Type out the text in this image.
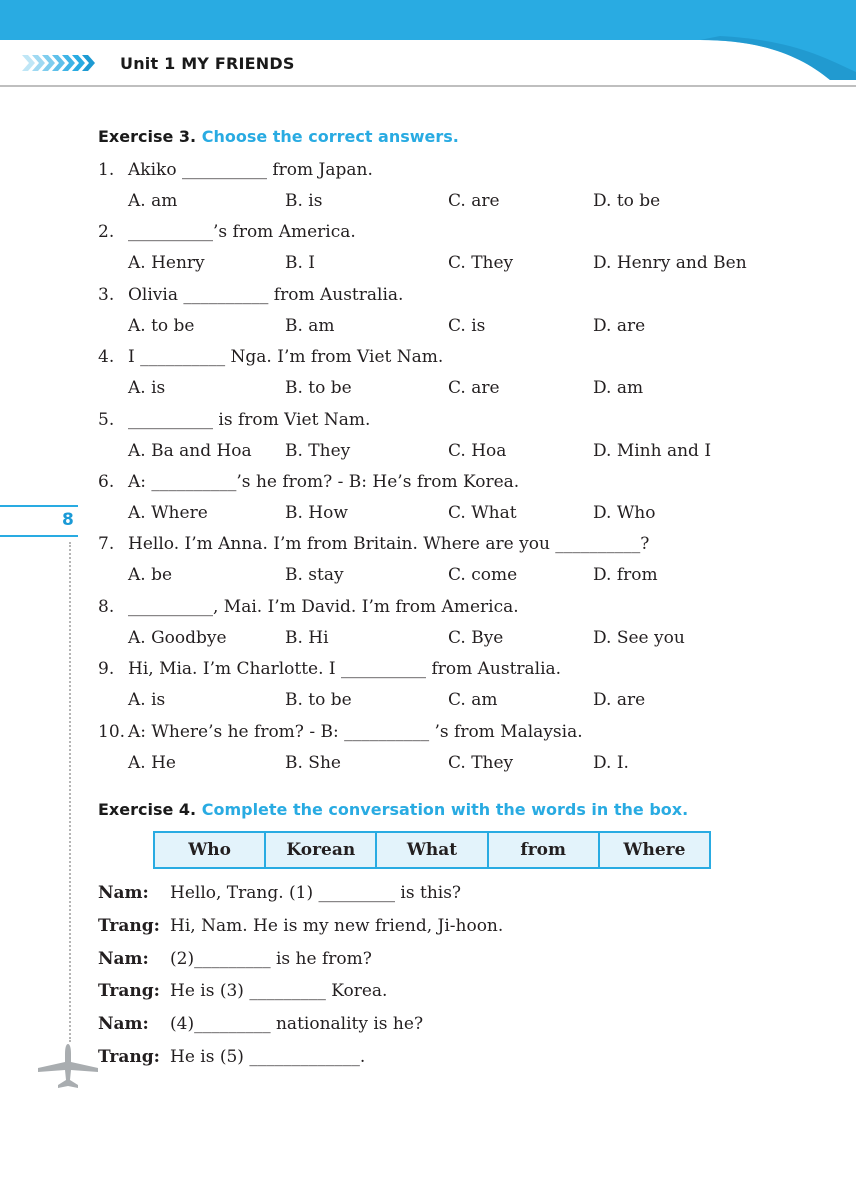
Unit 1 MY FRIENDS
8
Exercise 3. Choose the correct answers.
1. Akiko __________ from Japan.
A. am	B. is	C. are	D. to be
2. __________’s from America.
A. Henry	B. I	C. They	D. Henry and Ben
3. Olivia __________ from Australia.
A. to be	B. am	C. is	D. are
4. I __________ Nga. I’m from Viet Nam.
A. is	B. to be	C. are	D. am
5. __________ is from Viet Nam.
A. Ba and Hoa B. They	C. Hoa	D. Minh and I
6. A: __________’s he from? - B: He’s from Korea.
A. Where	B. How	C. What	D. Who
7. Hello. I’m Anna. I’m from Britain. Where are you __________?
A. be	B. stay	C. come	D. from
8. __________, Mai. I’m David. I’m from America.
A. Goodbye	B. Hi	C. Bye	D. See you
9. Hi, Mia. I’m Charlotte. I __________ from Australia.
A. is	B. to be	C. am	D. are
10. A: Where’s he from? - B: __________ ’s from Malaysia.
A. He	B. She	C. They	D. I.
Exercise 4. Complete the conversation with the words in the box.
Who	Korean	What	from	Where
Nam: Hello, Trang. (1) _________ is this?
Trang: Hi, Nam. He is my new friend, Ji-hoon.
Nam: (2)_________ is he from?
Trang: He is (3) _________ Korea.
Nam: (4)_________ nationality is he?
Trang: He is (5) _____________.
